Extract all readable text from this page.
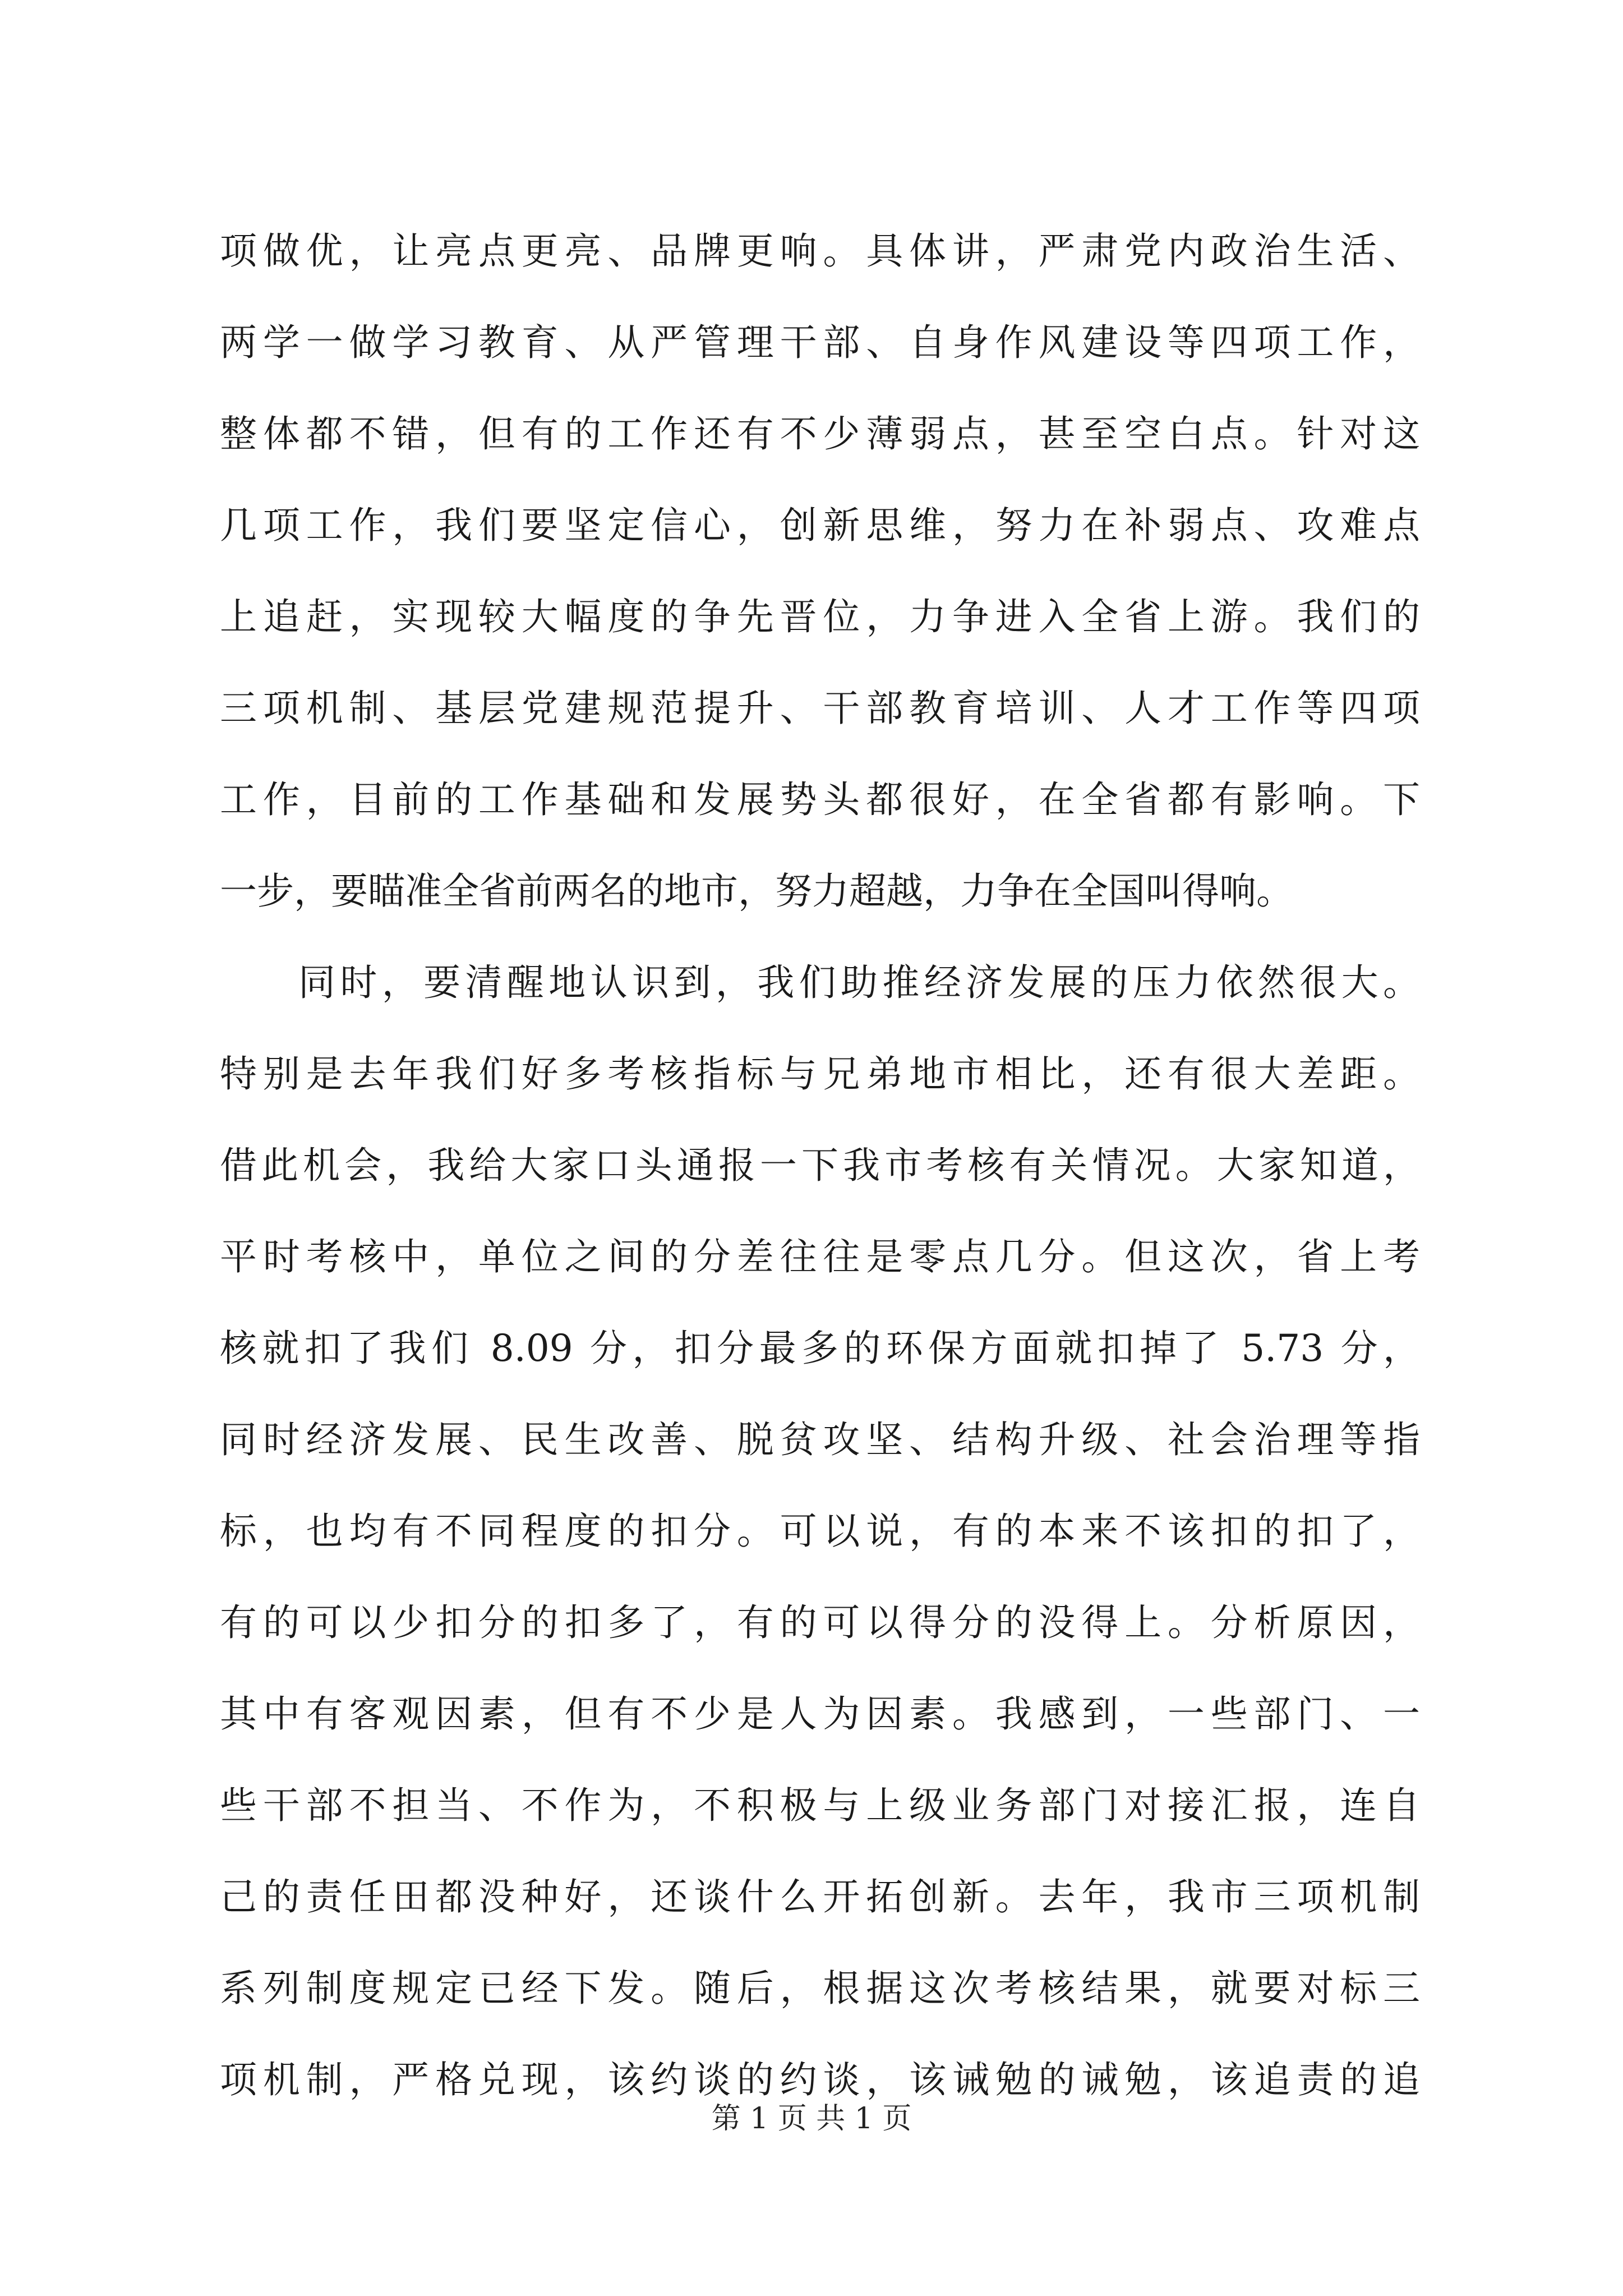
项做优，让亮点更亮、品牌更响。具体讲，严肃党内政治生活、
两学一做学习教育、从严管理干部、自身作风建设等四项工作，
整体都不错，但有的工作还有不少薄弱点，甚至空白点。针对这
几项工作，我们要坚定信心，创新思维，努力在补弱点、攻难点
上追赶，实现较大幅度的争先晋位，力争进入全省上游。我们的
三项机制、基层党建规范提升、干部教育培训、人才工作等四项
工作，目前的工作基础和发展势头都很好，在全省都有影响。下
一步，要瞄准全省前两名的地市，努力超越，力争在全国叫得响。
同时，要清醒地认识到，我们助推经济发展的压力依然很大。
特别是去年我们好多考核指标与兄弟地市相比，还有很大差距。
借此机会，我给大家口头通报一下我市考核有关情况。大家知道，
平时考核中，单位之间的分差往往是零点几分。但这次，省上考
核就扣了我们 8.09 分，扣分最多的环保方面就扣掉了 5.73 分，
同时经济发展、民生改善、脱贫攻坚、结构升级、社会治理等指
标，也均有不同程度的扣分。可以说，有的本来不该扣的扣了，
有的可以少扣分的扣多了，有的可以得分的没得上。分析原因，
其中有客观因素，但有不少是人为因素。我感到，一些部门、一
些干部不担当、不作为，不积极与上级业务部门对接汇报，连自
己的责任田都没种好，还谈什么开拓创新。去年，我市三项机制
系列制度规定已经下发。随后，根据这次考核结果，就要对标三
项机制，严格兑现，该约谈的约谈，该诫勉的诫勉，该追责的追
第 1 页 共 1 页
